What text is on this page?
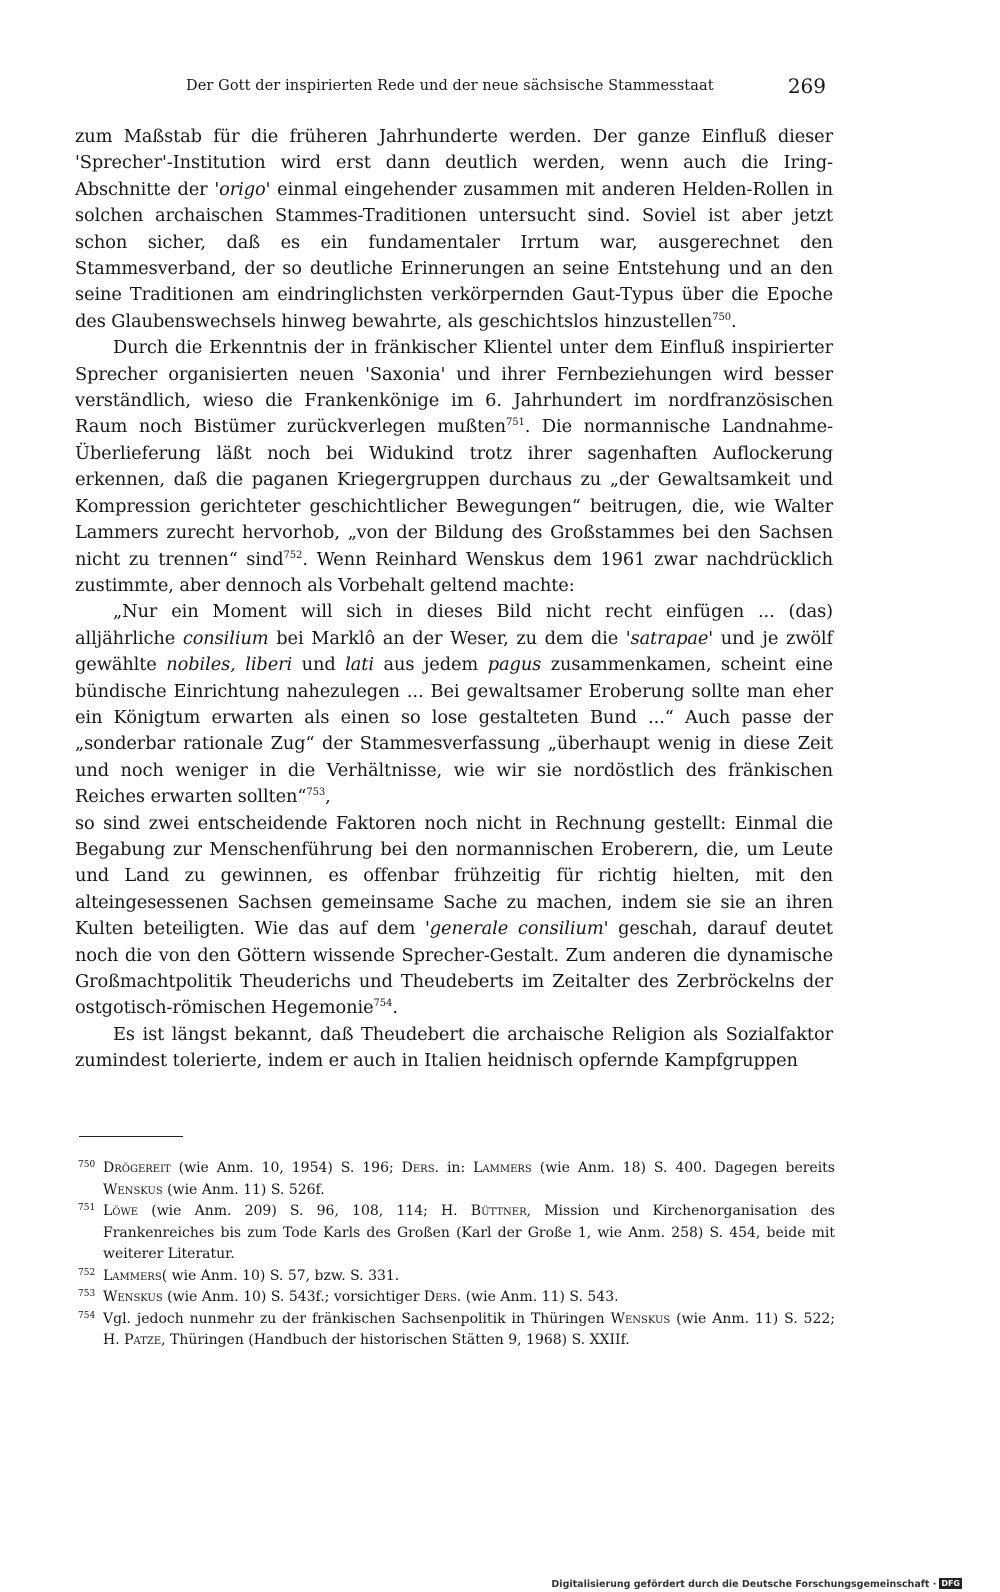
Der Gott der inspirierten Rede und der neue sächsische Stammesstaat	269

zum Maßstab für die früheren Jahrhunderte werden. Der ganze Einfluß dieser 'Sprecher'-Institution wird erst dann deutlich werden, wenn auch die Iring-Abschnitte der 'origo' einmal eingehender zusammen mit anderen Helden-Rollen in solchen archaischen Stammes-Traditionen untersucht sind. Soviel ist aber jetzt schon sicher, daß es ein fundamentaler Irrtum war, ausgerechnet den Stammesverband, der so deutliche Erinnerungen an seine Entstehung und an den seine Traditionen am eindringlichsten verkörpernden Gaut-Typus über die Epoche des Glaubenswechsels hinweg bewahrte, als geschichtslos hinzustellen$^{750}$.

Durch die Erkenntnis der in fränkischer Klientel unter dem Einfluß inspirierter Sprecher organisierten neuen 'Saxonia' und ihrer Fernbeziehungen wird besser verständlich, wieso die Frankenkönige im 6. Jahrhundert im nordfranzösischen Raum noch Bistümer zurückverlegen mußten$^{751}$. Die normannische Landnahme-Überlieferung läßt noch bei Widukind trotz ihrer sagenhaften Auflockerung erkennen, daß die paganen Kriegergruppen durchaus zu „der Gewaltsamkeit und Kompression gerichteter geschichtlicher Bewegungen“ beitrugen, die, wie Walter Lammers zurecht hervorhob, „von der Bildung des Großstammes bei den Sachsen nicht zu trennen“ sind$^{752}$. Wenn Reinhard Wenskus dem 1961 zwar nachdrücklich zustimmte, aber dennoch als Vorbehalt geltend machte:

„Nur ein Moment will sich in dieses Bild nicht recht einfügen ... (das) alljährliche consilium bei Marklô an der Weser, zu dem die 'satrapae' und je zwölf gewählte nobiles, liberi und lati aus jedem pagus zusammenkamen, scheint eine bündische Einrichtung nahezulegen ... Bei gewaltsamer Eroberung sollte man eher ein Königtum erwarten als einen so lose gestalteten Bund ...“ Auch passe der „sonderbar rationale Zug“ der Stammesverfassung „überhaupt wenig in diese Zeit und noch weniger in die Verhältnisse, wie wir sie nordöstlich des fränkischen Reiches erwarten sollten“$^{753}$,

so sind zwei entscheidende Faktoren noch nicht in Rechnung gestellt: Einmal die Begabung zur Menschenführung bei den normannischen Eroberern, die, um Leute und Land zu gewinnen, es offenbar frühzeitig für richtig hielten, mit den alteingesessenen Sachsen gemeinsame Sache zu machen, indem sie sie an ihren Kulten beteiligten. Wie das auf dem 'generale consilium' geschah, darauf deutet noch die von den Göttern wissende Sprecher-Gestalt. Zum anderen die dynamische Großmachtpolitik Theuderichs und Theudeberts im Zeitalter des Zerbröckelns der ostgotisch-römischen Hegemonie$^{754}$.

Es ist längst bekannt, daß Theudebert die archaische Religion als Sozialfaktor zumindest tolerierte, indem er auch in Italien heidnisch opfernde Kampfgruppen

750 Drögereit (wie Anm. 10, 1954) S. 196; Ders. in: Lammers (wie Anm. 18) S. 400. Dagegen bereits Wenskus (wie Anm. 11) S. 526f.

751 Löwe (wie Anm. 209) S. 96, 108, 114; H. Büttner, Mission und Kirchenorganisation des Frankenreiches bis zum Tode Karls des Großen (Karl der Große 1, wie Anm. 258) S. 454, beide mit weiterer Literatur.

752 Lammers( wie Anm. 10) S. 57, bzw. S. 331.

753 Wenskus (wie Anm. 10) S. 543f.; vorsichtiger Ders. (wie Anm. 11) S. 543.

754 Vgl. jedoch nunmehr zu der fränkischen Sachsenpolitik in Thüringen Wenskus (wie Anm. 11) S. 522; H. Patze, Thüringen (Handbuch der historischen Stätten 9, 1968) S. XXIIf.

Digitalisierung gefördert durch die Deutsche Forschungsgemeinschaft · DFG
